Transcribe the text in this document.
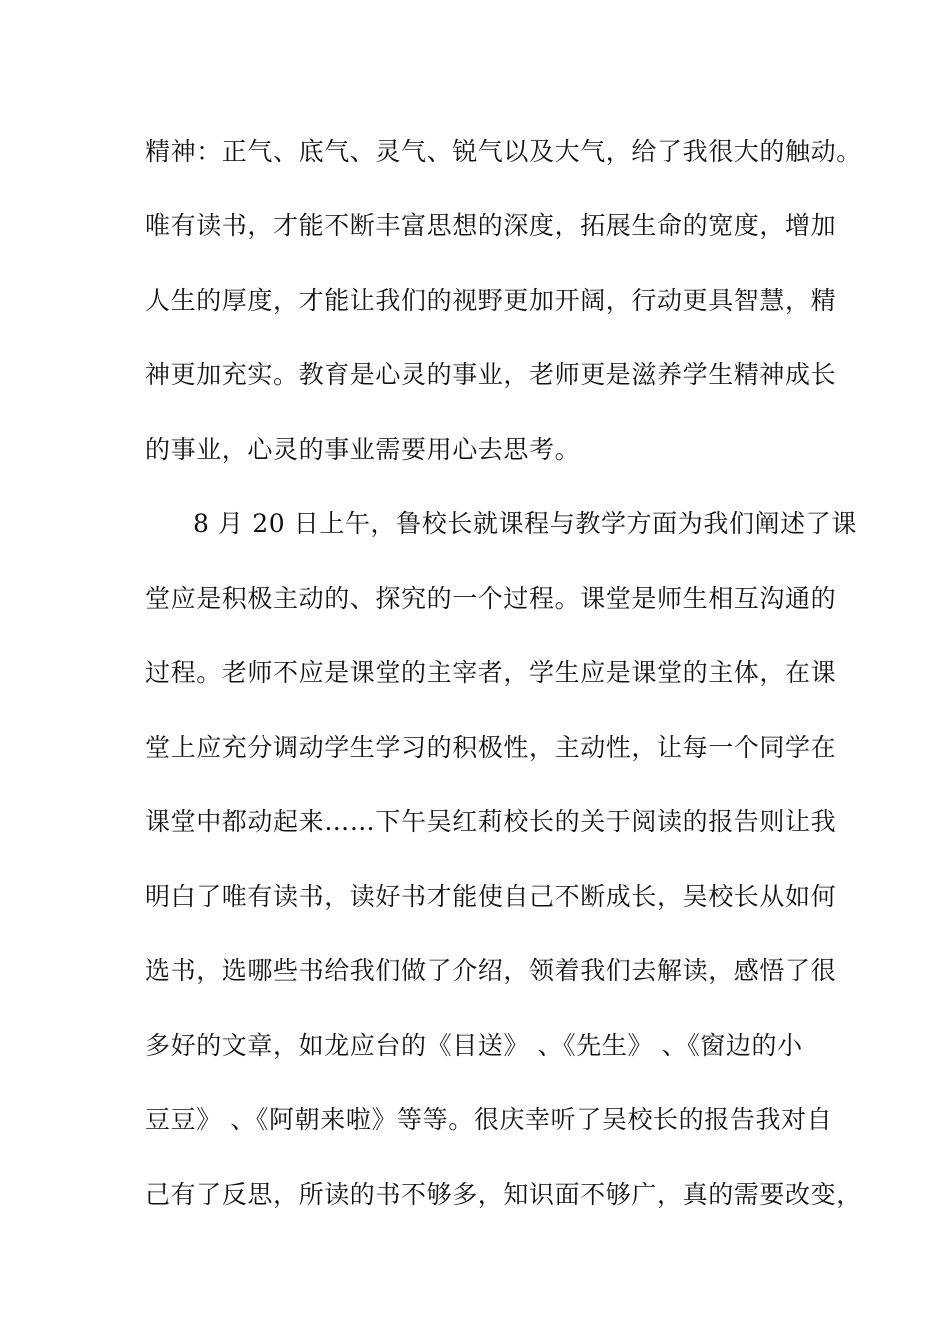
精神：正气、底气、灵气、锐气以及大气，给了我很大的触动。
唯有读书，才能不断丰富思想的深度，拓展生命的宽度，增加
人生的厚度，才能让我们的视野更加开阔，行动更具智慧，精
神更加充实。教育是心灵的事业，老师更是滋养学生精神成长
的事业，心灵的事业需要用心去思考。
8 月 20 日上午，鲁校长就课程与教学方面为我们阐述了课
堂应是积极主动的、探究的一个过程。课堂是师生相互沟通的
过程。老师不应是课堂的主宰者，学生应是课堂的主体，在课
堂上应充分调动学生学习的积极性，主动性，让每一个同学在
课堂中都动起来……下午吴红莉校长的关于阅读的报告则让我
明白了唯有读书，读好书才能使自己不断成长，吴校长从如何
选书，选哪些书给我们做了介绍，领着我们去解读，感悟了很
多好的文章，如龙应台的《目送》 、《先生》 、《窗边的小
豆豆》 、《阿朝来啦》等等。很庆幸听了吴校长的报告我对自
己有了反思，所读的书不够多，知识面不够广，真的需要改变，
